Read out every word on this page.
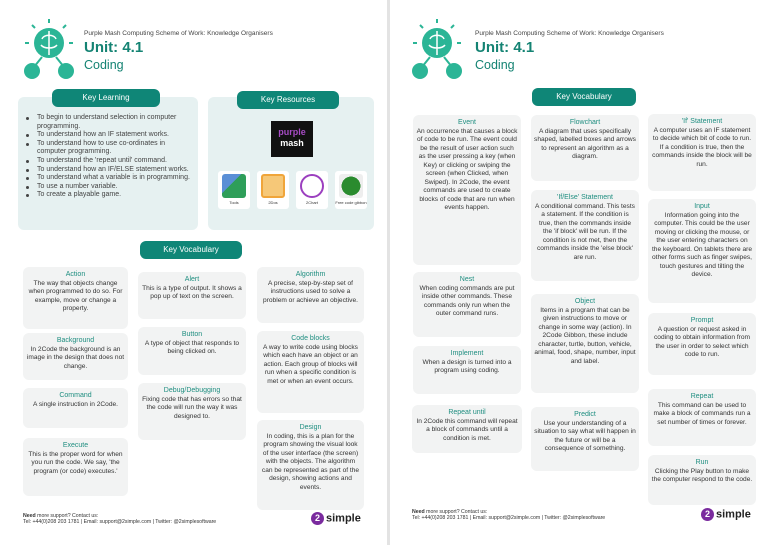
Purple Mash Computing Scheme of Work: Knowledge Organisers
Unit: 4.1
Coding
Key Learning
To begin to understand selection in computer programming.
To understand how an IF statement works.
To understand how to use co-ordinates in computer programming.
To understand the 'repeat until' command.
To understand how an IF/ELSE statement works.
To understand what a variable is in programming.
To use a number variable.
To create a playable game.
Key Resources
purple
mash
Tools	2Dos	2Chart	Free code gibbon
Key Vocabulary
Action
The way that objects change when programmed to do so. For example, move or change a property.
Background
In 2Code the background is an image in the design that does not change.
Command
A single instruction in 2Code.
Execute
This is the proper word for when you run the code. We say, 'the program (or code) executes.'
Alert
This is a type of output. It shows a pop up of text on the screen.
Button
A type of object that responds to being clicked on.
Debug/Debugging
Fixing code that has errors so that the code will run the way it was designed to.
Algorithm
A precise, step-by-step set of instructions used to solve a problem or achieve an objective.
Code blocks
A way to write code using blocks which each have an object or an action. Each group of blocks will run when a specific condition is met or when an event occurs.
Design
In coding, this is a plan for the program showing the visual look of the user interface (the screen) with the objects. The algorithm can be represented as part of the design, showing actions and events.
Need more support? Contact us:
Tel: +44(0)208 203 1781 | Email: support@2simple.com | Twitter: @2simplesoftware	2 simple
Purple Mash Computing Scheme of Work: Knowledge Organisers
Unit: 4.1
Coding
Key Vocabulary
Event
An occurrence that causes a block of code to be run. The event could be the result of user action such as the user pressing a key (when Key) or clicking or swiping the screen (when Clicked, when Swiped). In 2Code, the event commands are used to create blocks of code that are run when events happen.
Nest
When coding commands are put inside other commands. These commands only run when the outer command runs.
Implement
When a design is turned into a program using coding.
Repeat until
In 2Code this command will repeat a block of commands until a condition is met.
Flowchart
A diagram that uses specifically shaped, labelled boxes and arrows to represent an algorithm as a diagram.
'If/Else' Statement
A conditional command. This tests a statement. If the condition is true, then the commands inside the 'if block' will be run. If the condition is not met, then the commands inside the 'else block' are run.
Object
Items in a program that can be given instructions to move or change in some way (action). In 2Code Gibbon, these include character, turtle, button, vehicle, animal, food, shape, number, input and label.
Predict
Use your understanding of a situation to say what will happen in the future or will be a consequence of something.
'If' Statement
A computer uses an IF statement to decide which bit of code to run. If a condition is true, then the commands inside the block will be run.
Input
Information going into the computer. This could be the user moving or clicking the mouse, or the user entering characters on the keyboard. On tablets there are other forms such as finger swipes, touch gestures and tilting the device.
Prompt
A question or request asked in coding to obtain information from the user in order to select which code to run.
Repeat
This command can be used to make a block of commands run a set number of times or forever.
Run
Clicking the Play button to make the computer respond to the code.
Need more support? Contact us:
Tel: +44(0)208 203 1781 | Email: support@2simple.com | Twitter: @2simplesoftware	2 simple
